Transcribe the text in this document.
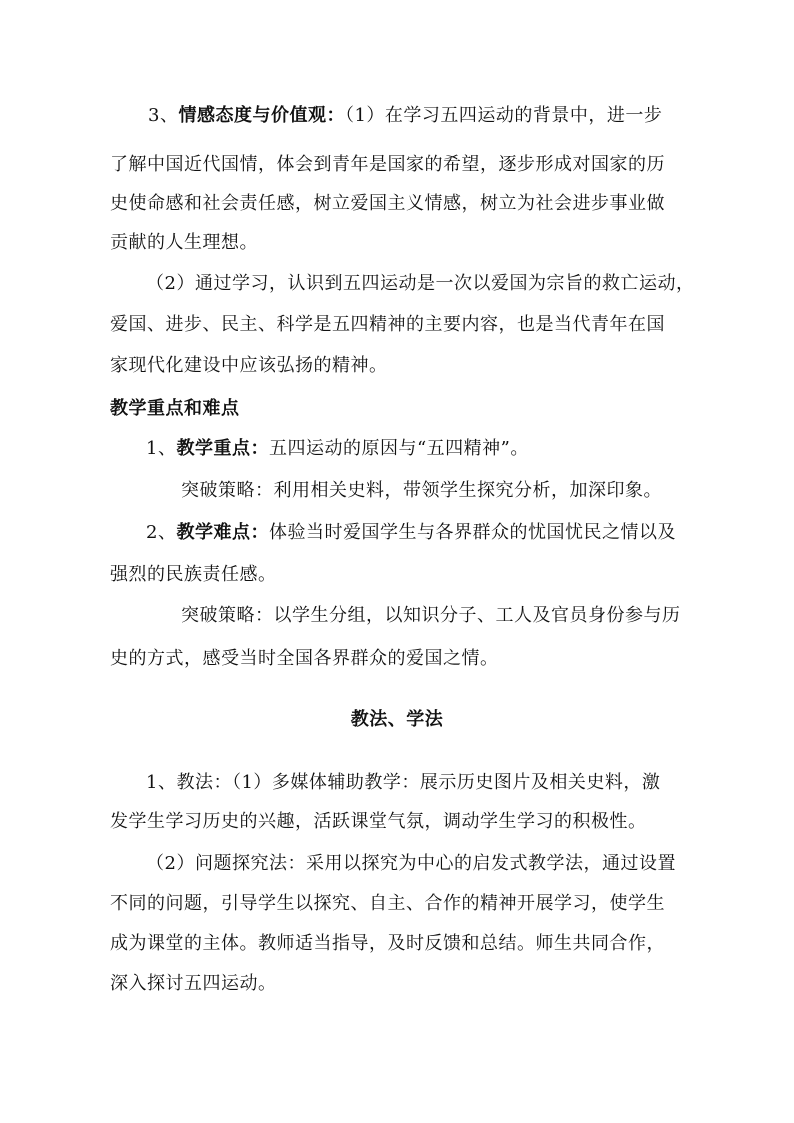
3、情感态度与价值观：（1）在学习五四运动的背景中，进一步
了解中国近代国情，体会到青年是国家的希望，逐步形成对国家的历
史使命感和社会责任感，树立爱国主义情感，树立为社会进步事业做
贡献的人生理想。
（2）通过学习，认识到五四运动是一次以爱国为宗旨的救亡运动，
爱国、进步、民主、科学是五四精神的主要内容，也是当代青年在国
家现代化建设中应该弘扬的精神。
教学重点和难点
1、教学重点：五四运动的原因与“五四精神”。
突破策略：利用相关史料，带领学生探究分析，加深印象。
2、教学难点：体验当时爱国学生与各界群众的忧国忧民之情以及
强烈的民族责任感。
突破策略：以学生分组，以知识分子、工人及官员身份参与历
史的方式，感受当时全国各界群众的爱国之情。
教法、学法
1、教法：（1）多媒体辅助教学：展示历史图片及相关史料，激
发学生学习历史的兴趣，活跃课堂气氛，调动学生学习的积极性。
（2）问题探究法：采用以探究为中心的启发式教学法，通过设置
不同的问题，引导学生以探究、自主、合作的精神开展学习，使学生
成为课堂的主体。教师适当指导，及时反馈和总结。师生共同合作，
深入探讨五四运动。
